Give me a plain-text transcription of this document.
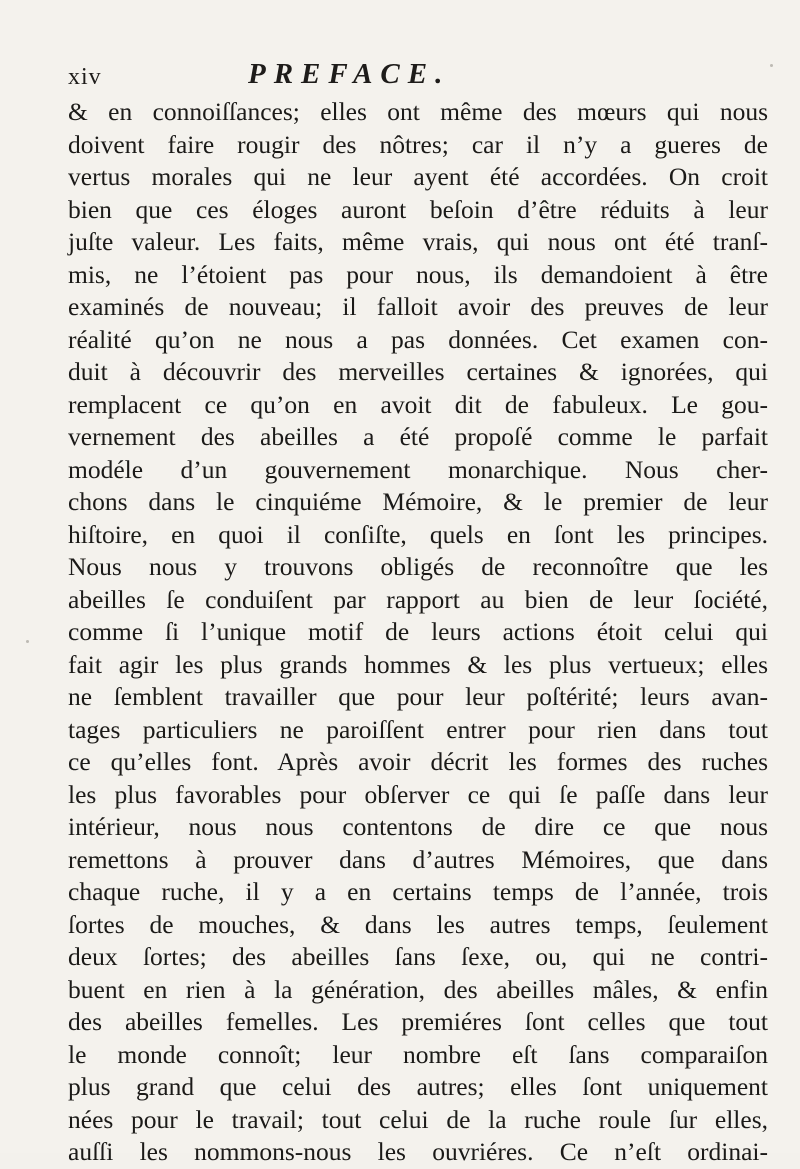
xiv	PREFACE.
& en connoiſſances; elles ont même des mœurs qui nous
doivent faire rougir des nôtres; car il n’y a gueres de
vertus morales qui ne leur ayent été accordées. On croit
bien que ces éloges auront beſoin d’être réduits à leur
juſte valeur. Les faits, même vrais, qui nous ont été tranſ-
mis, ne l’étoient pas pour nous, ils demandoient à être
examinés de nouveau; il falloit avoir des preuves de leur
réalité qu’on ne nous a pas données. Cet examen con-
duit à découvrir des merveilles certaines & ignorées, qui
remplacent ce qu’on en avoit dit de fabuleux. Le gou-
vernement des abeilles a été propoſé comme le parfait
modéle d’un gouvernement monarchique. Nous cher-
chons dans le cinquiéme Mémoire, & le premier de leur
hiſtoire, en quoi il conſiſte, quels en ſont les principes.
Nous nous y trouvons obligés de reconnoître que les
abeilles ſe conduiſent par rapport au bien de leur ſociété,
comme ſi l’unique motif de leurs actions étoit celui qui
fait agir les plus grands hommes & les plus vertueux; elles
ne ſemblent travailler que pour leur poſtérité; leurs avan-
tages particuliers ne paroiſſent entrer pour rien dans tout
ce qu’elles font. Après avoir décrit les formes des ruches
les plus favorables pour obſerver ce qui ſe paſſe dans leur
intérieur, nous nous contentons de dire ce que nous
remettons à prouver dans d’autres Mémoires, que dans
chaque ruche, il y a en certains temps de l’année, trois
ſortes de mouches, & dans les autres temps, ſeulement
deux ſortes; des abeilles ſans ſexe, ou, qui ne contri-
buent en rien à la génération, des abeilles mâles, & enfin
des abeilles femelles. Les premiéres ſont celles que tout
le monde connoît; leur nombre eſt ſans comparaiſon
plus grand que celui des autres; elles ſont uniquement
nées pour le travail; tout celui de la ruche roule ſur elles,
auſſi les nommons-nous les ouvriéres. Ce n’eſt ordinai-
